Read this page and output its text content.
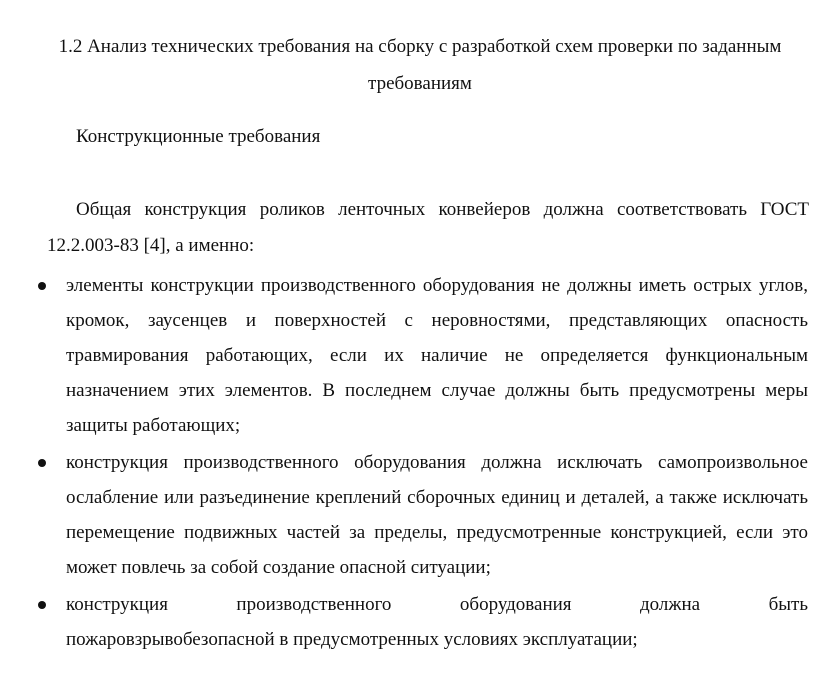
1.2 Анализ технических требования на сборку с разработкой схем проверки по заданным требованиям
Конструкционные требования

Общая конструкция роликов ленточных конвейеров должна соответствовать ГОСТ 12.2.003-83 [4], а именно:

элементы конструкции производственного оборудования не должны иметь острых углов, кромок, заусенцев и поверхностей с неровностями, представляющих опасность травмирования работающих, если их наличие не определяется функциональным назначением этих элементов. В последнем случае должны быть предусмотрены меры защиты работающих;
конструкция производственного оборудования должна исключать самопроизвольное ослабление или разъединение креплений сборочных единиц и деталей, а также исключать перемещение подвижных частей за пределы, предусмотренные конструкцией, если это может повлечь за собой создание опасной ситуации;
конструкция производственного оборудования должна быть
пожаровзрывобезопасной в предусмотренных условиях эксплуатации;
